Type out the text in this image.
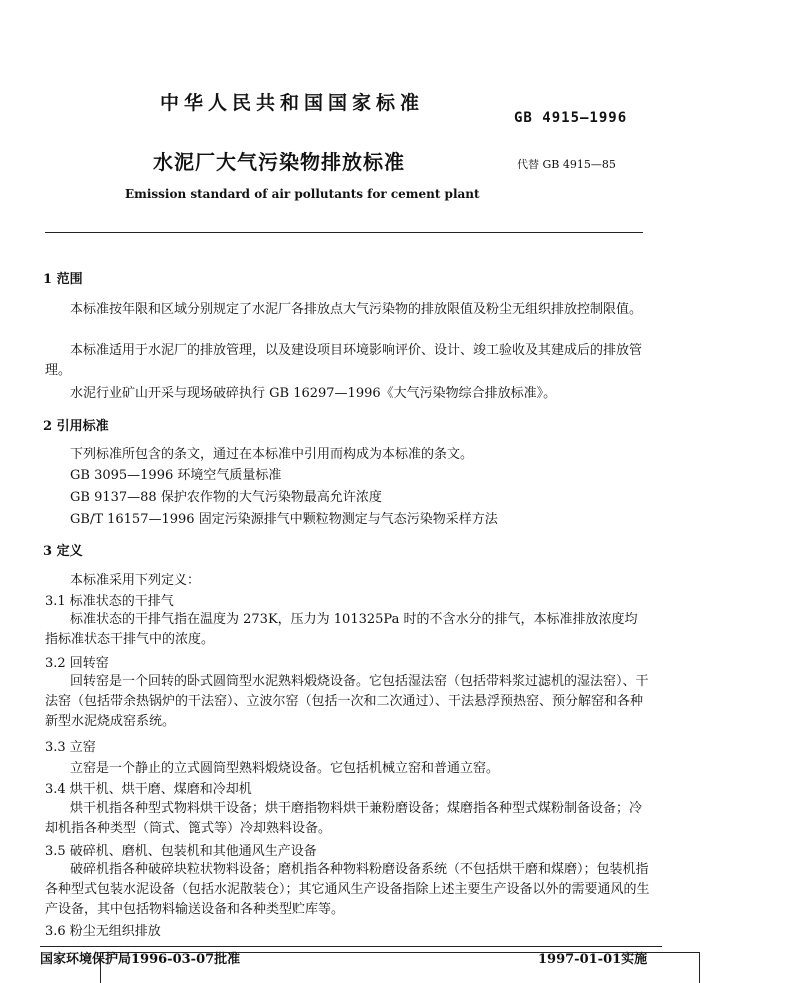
中华人民共和国国家标准
GB 4915—1996
水泥厂大气污染物排放标准	代替 GB 4915—85
Emission standard of air pollutants for cement plant
1 范围
本标准按年限和区域分别规定了水泥厂各排放点大气污染物的排放限值及粉尘无组织排放控制限值。
本标准适用于水泥厂的排放管理，以及建设项目环境影响评价、设计、竣工验收及其建成后的排放管理。
水泥行业矿山开采与现场破碎执行 GB 16297—1996《大气污染物综合排放标准》。
2 引用标准
下列标准所包含的条文，通过在本标准中引用而构成为本标准的条文。
GB 3095—1996 环境空气质量标准
GB 9137—88 保护农作物的大气污染物最高允许浓度
GB/T 16157—1996 固定污染源排气中颗粒物测定与气态污染物采样方法
3 定义
本标准采用下列定义：
3.1 标准状态的干排气
标准状态的干排气指在温度为 273K，压力为 101325Pa 时的不含水分的排气，本标准排放浓度均指标准状态干排气中的浓度。
3.2 回转窑
回转窑是一个回转的卧式圆筒型水泥熟料煅烧设备。它包括湿法窑（包括带料浆过滤机的湿法窑）、干法窑（包括带余热锅炉的干法窑）、立波尔窑（包括一次和二次通过）、干法悬浮预热窑、预分解窑和各种新型水泥烧成窑系统。
3.3 立窑
立窑是一个静止的立式圆筒型熟料煅烧设备。它包括机械立窑和普通立窑。
3.4 烘干机、烘干磨、煤磨和冷却机
烘干机指各种型式物料烘干设备；烘干磨指物料烘干兼粉磨设备；煤磨指各种型式煤粉制备设备；冷却机指各种类型（筒式、篦式等）冷却熟料设备。
3.5 破碎机、磨机、包装机和其他通风生产设备
破碎机指各种破碎块粒状物料设备；磨机指各种物料粉磨设备系统（不包括烘干磨和煤磨）；包装机指各种型式包装水泥设备（包括水泥散装仓）；其它通风生产设备指除上述主要生产设备以外的需要通风的生产设备，其中包括物料输送设备和各种类型贮库等。
3.6 粉尘无组织排放
国家环境保护局1996-03-07批准	1997-01-01实施
